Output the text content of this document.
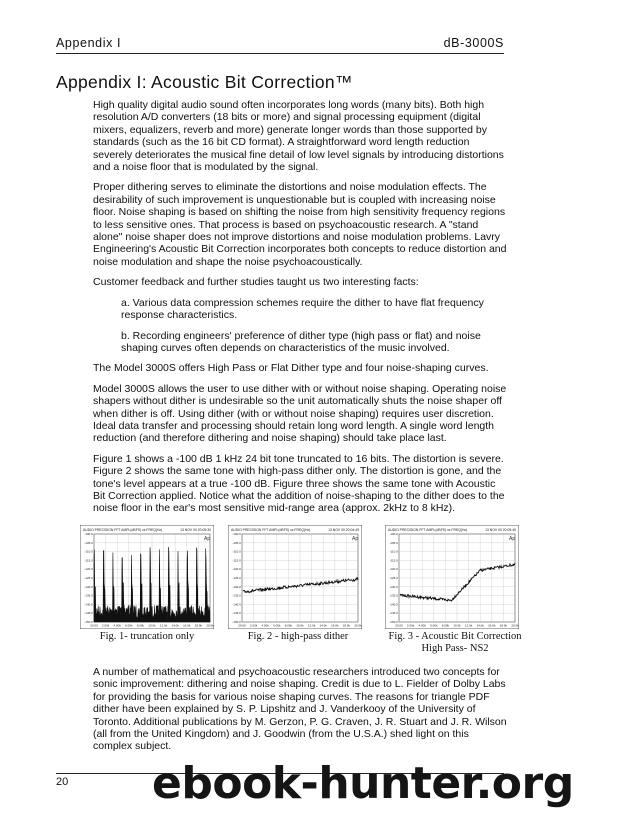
Appendix I	dB-3000S
Appendix I: Acoustic Bit Correction™

High quality digital audio sound often incorporates long words (many bits). Both high resolution A/D converters (18 bits or more) and signal processing equipment (digital mixers, equalizers, reverb and more) generate longer words than those supported by standards (such as the 16 bit CD format). A straightforward word length reduction severely deteriorates the musical fine detail of low level signals by introducing distortions and a noise floor that is modulated by the signal.

Proper dithering serves to eliminate the distortions and noise modulation effects. The desirability of such improvement is unquestionable but is coupled with increasing noise floor. Noise shaping is based on shifting the noise from high sensitivity frequency regions to less sensitive ones. That process is based on psychoacoustic research. A "stand alone" noise shaper does not improve distortions and noise modulation problems. Lavry Engineering's Acoustic Bit Correction incorporates both concepts to reduce distortion and noise modulation and shape the noise psychoacoustically.

Customer feedback and further studies taught us two interesting facts:

a. Various data compression schemes require the dither to have flat frequency response characteristics.

b. Recording engineers' preference of dither type (high pass or flat) and noise shaping curves often depends on characteristics of the music involved.

The Model 3000S offers High Pass or Flat Dither type and four noise-shaping curves.

Model 3000S allows the user to use dither with or without noise shaping. Operating noise shapers without dither is undesirable so the unit automatically shuts the noise shaper off when dither is off. Using dither (with or without noise shaping) requires user discretion. Ideal data transfer and processing should retain long word length. A single word length reduction (and therefore dithering and noise shaping) should take place last.

Figure 1 shows a -100 dB 1 kHz 24 bit tone truncated to 16 bits. The distortion is severe. Figure 2 shows the same tone with high-pass dither only. The distortion is gone, and the tone's level appears at a true -100 dB. Figure three shows the same tone with Acoustic Bit Correction applied. Notice what the addition of noise-shaping to the dither does to the noise floor in the ear's most sensitive mid-range area (approx. 2kHz to 8 kHz).

AUDIO PRECISION FFT AMPL(dBFS) vs FREQ(Hz)	13 NOV 00 20:05:30
-100.0
-105.0
-110.0
-115.0
-120.0
-125.0
-130.0
-135.0
-140.0
-145.0
-150.0
20.00 2.00k 4.00k 6.00k 8.00k 10.0k 12.0k 14.0k 16.0k 18.0k 20.0k
Ap
AUDIO PRECISION FFT AMPL(dBFS) vs FREQ(Hz)	13 NOV 00 20:04:49
-100.0
-105.0
-110.0
-115.0
-120.0
-125.0
-130.0
-135.0
-140.0
-145.0
-150.0
20.00 2.00k 4.00k 6.00k 8.00k 10.0k 12.0k 14.0k 16.0k 18.0k 20.0k
Ap
AUDIO PRECISION FFT AMPL(dBFS) vs FREQ(Hz)	13 NOV 00 20:05:45
-100.0
-105.0
-110.0
-115.0
-120.0
-125.0
-130.0
-135.0
-140.0
-145.0
-150.0
20.00 2.00k 4.00k 6.00k 8.00k 10.0k 12.0k 14.0k 16.0k 18.0k 20.0k
Ap
Fig. 1- truncation only	Fig. 2 - high-pass dither	Fig. 3 - Acoustic Bit Correction
High Pass- NS2

A number of mathematical and psychoacoustic researchers introduced two concepts for sonic improvement: dithering and noise shaping. Credit is due to L. Fielder of Dolby Labs for providing the basis for various noise shaping curves. The reasons for triangle PDF dither have been explained by S. P. Lipshitz and J. Vanderkooy of the University of Toronto. Additional publications by M. Gerzon, P. G. Craven, J. R. Stuart and J. R. Wilson (all from the United Kingdom) and J. Goodwin (from the U.S.A.) shed light on this complex subject.

20 ebook-hunter.org
